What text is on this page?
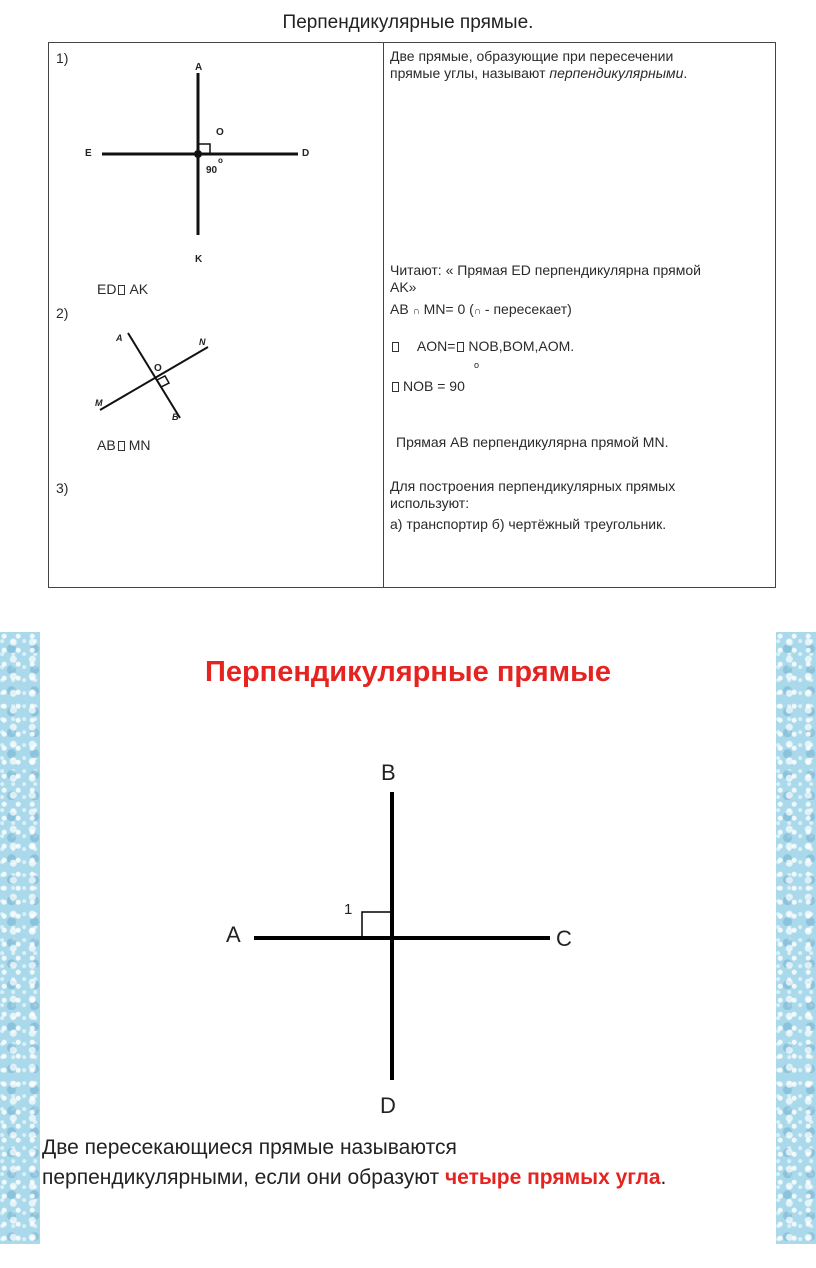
Перпендикулярные прямые.
1)
2)
3)
A
O
E	D
90
о
K
ED AK
A	N
O
M
B
AB MN
Две прямые, образующие при пересечении
прямые углы, называют перпендикулярными.
Читают: « Прямая ED перпендикулярна прямой
AK»
AB ∩ MN= 0 (∩ - пересекает)
AON= NOB,BOM,AOM.
о
NOB = 90
Прямая AB перпендикулярна прямой MN.
Для построения перпендикулярных прямых
используют:
а) транспортир б) чертёжный треугольник.
Перпендикулярные прямые
B
A	C
D
1
Две пересекающиеся прямые называются
перпендикулярными, если они образуют четыре прямых угла.
